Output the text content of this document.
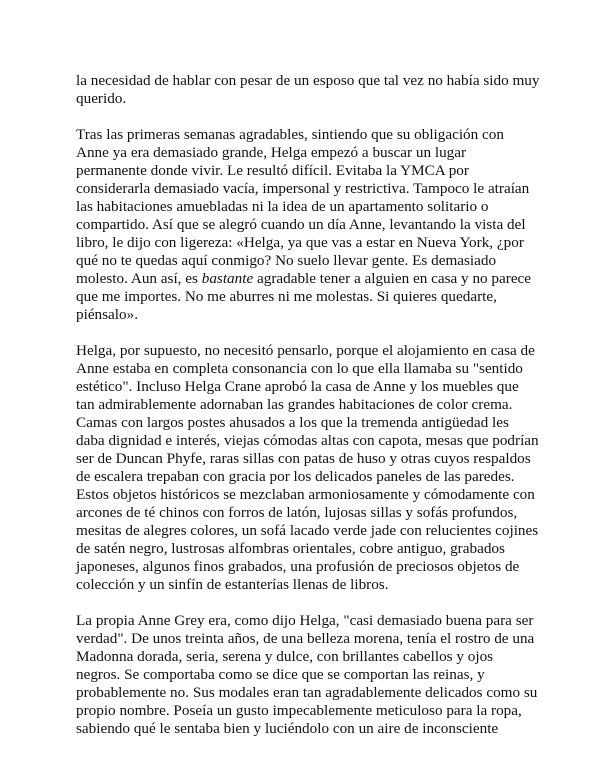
la necesidad de hablar con pesar de un esposo que tal vez no había sido muy
querido.

Tras las primeras semanas agradables, sintiendo que su obligación con
Anne ya era demasiado grande, Helga empezó a buscar un lugar
permanente donde vivir. Le resultó difícil. Evitaba la YMCA por
considerarla demasiado vacía, impersonal y restrictiva. Tampoco le atraían
las habitaciones amuebladas ni la idea de un apartamento solitario o
compartido. Así que se alegró cuando un día Anne, levantando la vista del
libro, le dijo con ligereza: «Helga, ya que vas a estar en Nueva York, ¿por
qué no te quedas aquí conmigo? No suelo llevar gente. Es demasiado
molesto. Aun así, es bastante agradable tener a alguien en casa y no parece
que me importes. No me aburres ni me molestas. Si quieres quedarte,
piénsalo».

Helga, por supuesto, no necesitó pensarlo, porque el alojamiento en casa de
Anne estaba en completa consonancia con lo que ella llamaba su "sentido
estético". Incluso Helga Crane aprobó la casa de Anne y los muebles que
tan admirablemente adornaban las grandes habitaciones de color crema.
Camas con largos postes ahusados a los que la tremenda antigüedad les
daba dignidad e interés, viejas cómodas altas con capota, mesas que podrían
ser de Duncan Phyfe, raras sillas con patas de huso y otras cuyos respaldos
de escalera trepaban con gracia por los delicados paneles de las paredes.
Estos objetos históricos se mezclaban armoniosamente y cómodamente con
arcones de té chinos con forros de latón, lujosas sillas y sofás profundos,
mesitas de alegres colores, un sofá lacado verde jade con relucientes cojines
de satén negro, lustrosas alfombras orientales, cobre antiguo, grabados
japoneses, algunos finos grabados, una profusión de preciosos objetos de
colección y un sinfín de estanterías llenas de libros.

La propia Anne Grey era, como dijo Helga, "casi demasiado buena para ser
verdad". De unos treinta años, de una belleza morena, tenía el rostro de una
Madonna dorada, seria, serena y dulce, con brillantes cabellos y ojos
negros. Se comportaba como se dice que se comportan las reinas, y
probablemente no. Sus modales eran tan agradablemente delicados como su
propio nombre. Poseía un gusto impecablemente meticuloso para la ropa,
sabiendo qué le sentaba bien y luciéndolo con un aire de inconsciente
